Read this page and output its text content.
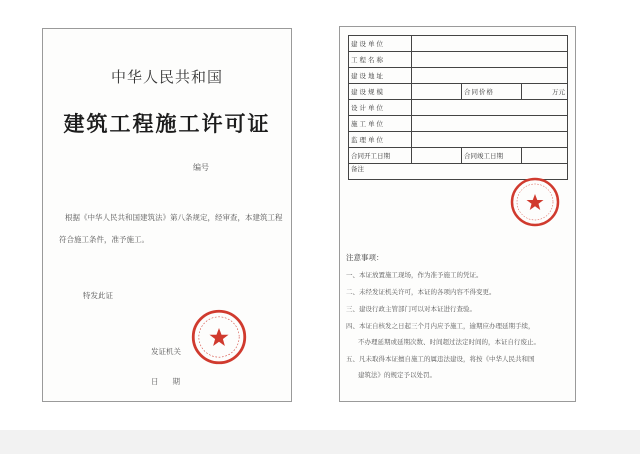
中华人民共和国
建筑工程施工许可证
编号
根据《中华人民共和国建筑法》第八条规定，经审查，本建筑工程符合施工条件，准予施工。
特发此证
发证机关
日期
建设单位			
工程名称			
建设地址			
建设规模		合同价格	万元
设计单位			
施工单位			
监理单位			
合同开工日期		合同竣工日期	
备注			
注意事项：
一、本证放置施工现场，作为准予施工的凭证。
二、未经发证机关许可，本证的各项内容不得变更。
三、建设行政主管部门可以对本证进行查验。
四、本证自核发之日起三个月内应予施工，逾期应办理延期手续，
不办理延期或延期次数、时间超过法定时间的，本证自行废止。
五、凡未取得本证擅自施工的属违法建设，将按《中华人民共和国
建筑法》的规定予以处罚。
